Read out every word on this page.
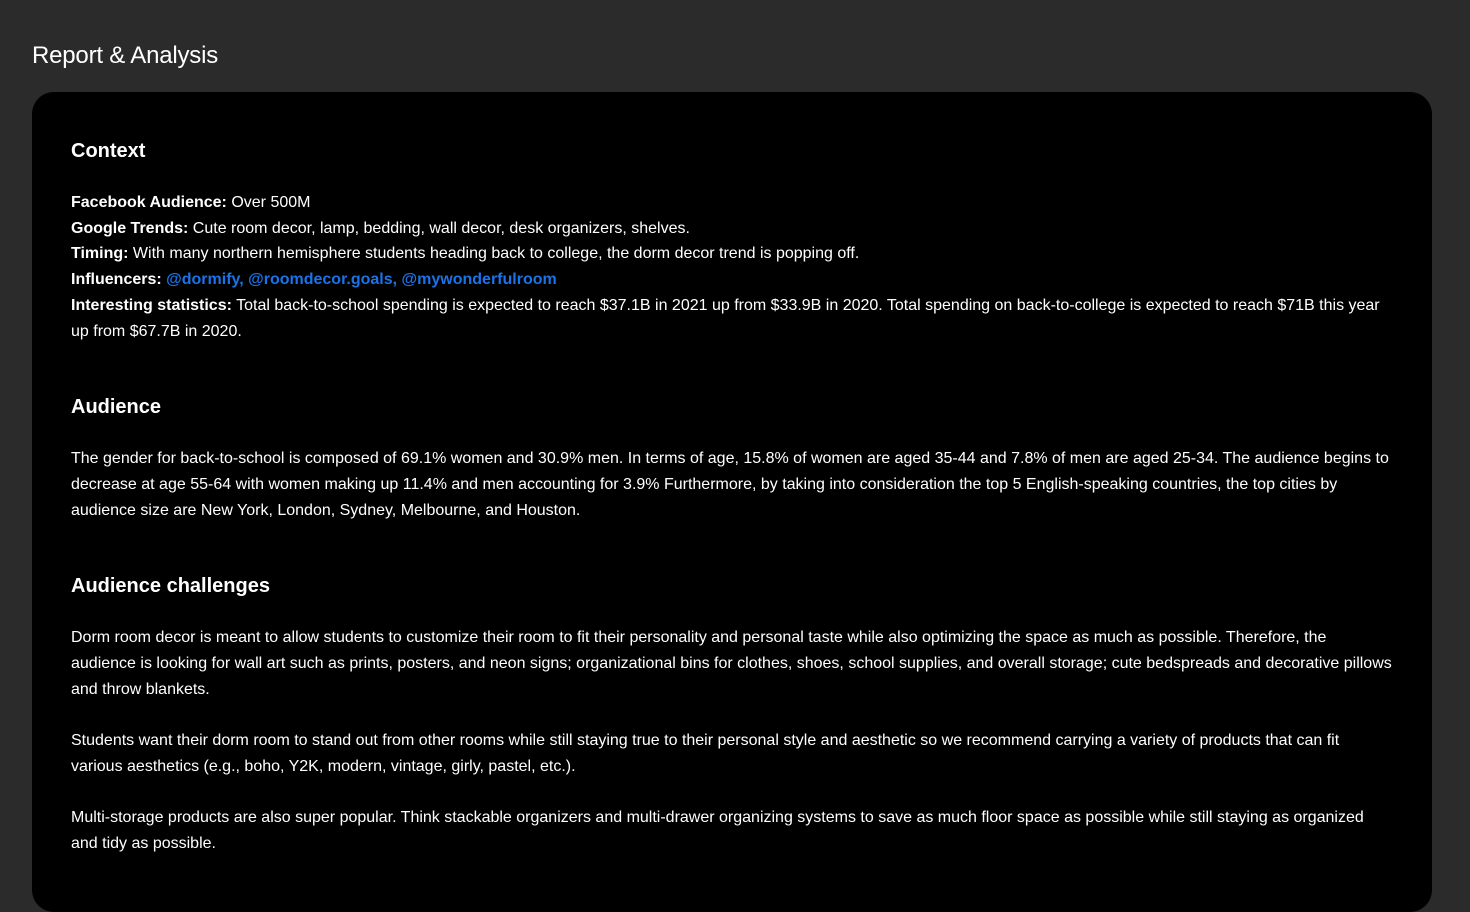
Report & Analysis
Context
Facebook Audience: Over 500M
Google Trends: Cute room decor, lamp, bedding, wall decor, desk organizers, shelves.
Timing: With many northern hemisphere students heading back to college, the dorm decor trend is popping off.
Influencers: @dormify, @roomdecor.goals, @mywonderfulroom
Interesting statistics: Total back-to-school spending is expected to reach $37.1B in 2021 up from $33.9B in 2020. Total spending on back-to-college is expected to reach $71B this year up from $67.7B in 2020.
Audience

The gender for back-to-school is composed of 69.1% women and 30.9% men. In terms of age, 15.8% of women are aged 35-44 and 7.8% of men are aged 25-34. The audience begins to decrease at age 55-64 with women making up 11.4% and men accounting for 3.9% Furthermore, by taking into consideration the top 5 English-speaking countries, the top cities by audience size are New York, London, Sydney, Melbourne, and Houston.

Audience challenges

Dorm room decor is meant to allow students to customize their room to fit their personality and personal taste while also optimizing the space as much as possible. Therefore, the audience is looking for wall art such as prints, posters, and neon signs; organizational bins for clothes, shoes, school supplies, and overall storage; cute bedspreads and decorative pillows and throw blankets.

Students want their dorm room to stand out from other rooms while still staying true to their personal style and aesthetic so we recommend carrying a variety of products that can fit various aesthetics (e.g., boho, Y2K, modern, vintage, girly, pastel, etc.).

Multi-storage products are also super popular. Think stackable organizers and multi-drawer organizing systems to save as much floor space as possible while still staying as organized and tidy as possible.
